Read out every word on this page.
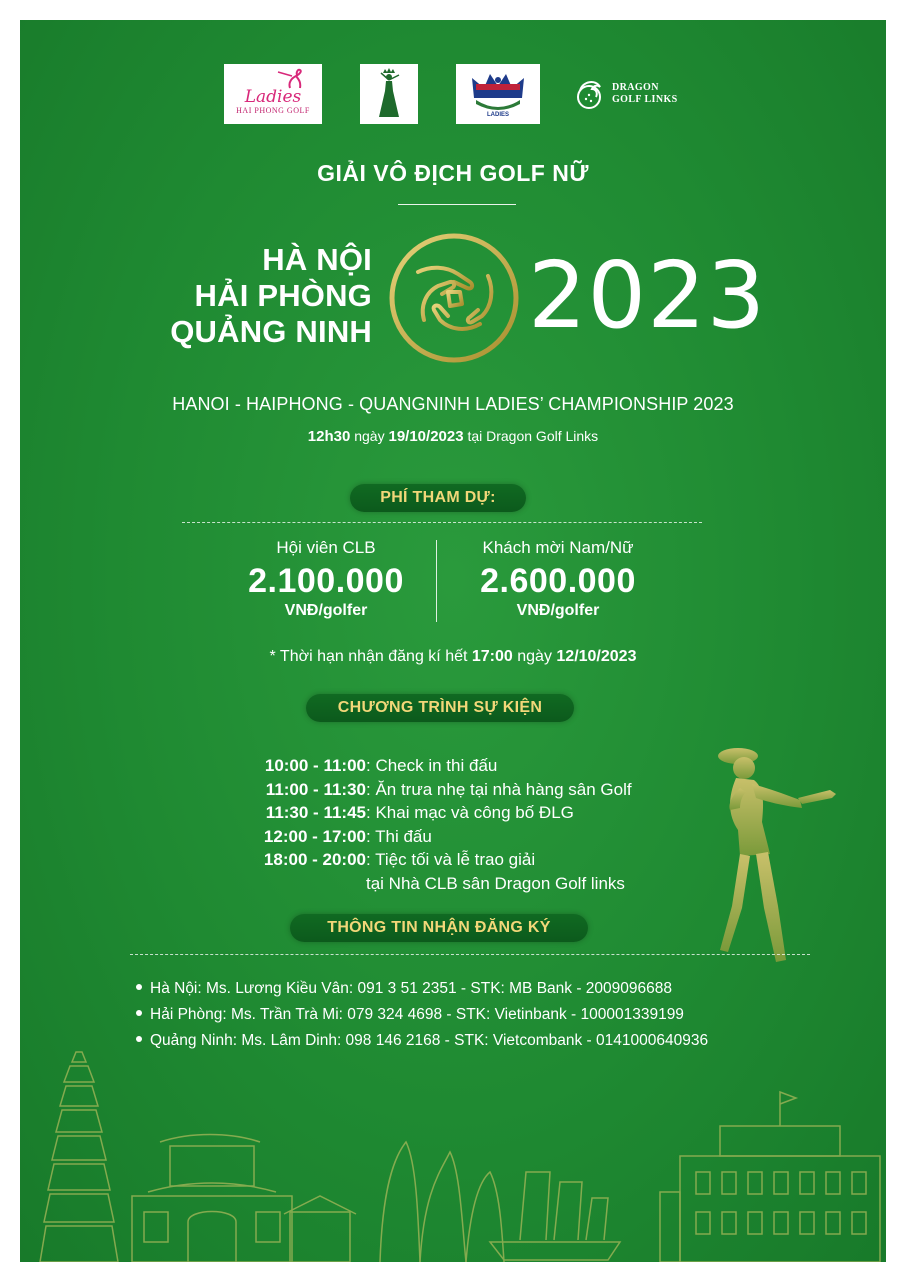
Ladies
HAI PHONG GOLF
LADIES
DRAGON
GOLF LINKS
GIẢI VÔ ĐỊCH GOLF NỮ
HÀ NỘI
HẢI PHÒNG
QUẢNG NINH 2023
HANOI - HAIPHONG - QUANGNINH LADIES’ CHAMPIONSHIP 2023
12h30 ngày 19/10/2023 tại Dragon Golf Links
PHÍ THAM DỰ:
Hội viên CLB
2.100.000
VNĐ/golfer
Khách mời Nam/Nữ
2.600.000
VNĐ/golfer
* Thời hạn nhận đăng kí hết 17:00 ngày 12/10/2023
CHƯƠNG TRÌNH SỰ KIỆN
10:00 - 11:00 : Check in thi đấu
11:00 - 11:30 : Ăn trưa nhẹ tại nhà hàng sân Golf
11:30 - 11:45 : Khai mạc và công bố ĐLG
12:00 - 17:00 : Thi đấu
18:00 - 20:00 : Tiệc tối và lễ trao giải
tại Nhà CLB sân Dragon Golf links
THÔNG TIN NHẬN ĐĂNG KÝ
Hà Nội: Ms. Lương Kiều Vân: 091 3 51 2351 - STK: MB Bank - 2009096688
Hải Phòng: Ms. Trần Trà Mi: 079 324 4698 - STK: Vietinbank - 100001339199
Quảng Ninh: Ms. Lâm Dinh: 098 146 2168 - STK: Vietcombank - 0141000640936
